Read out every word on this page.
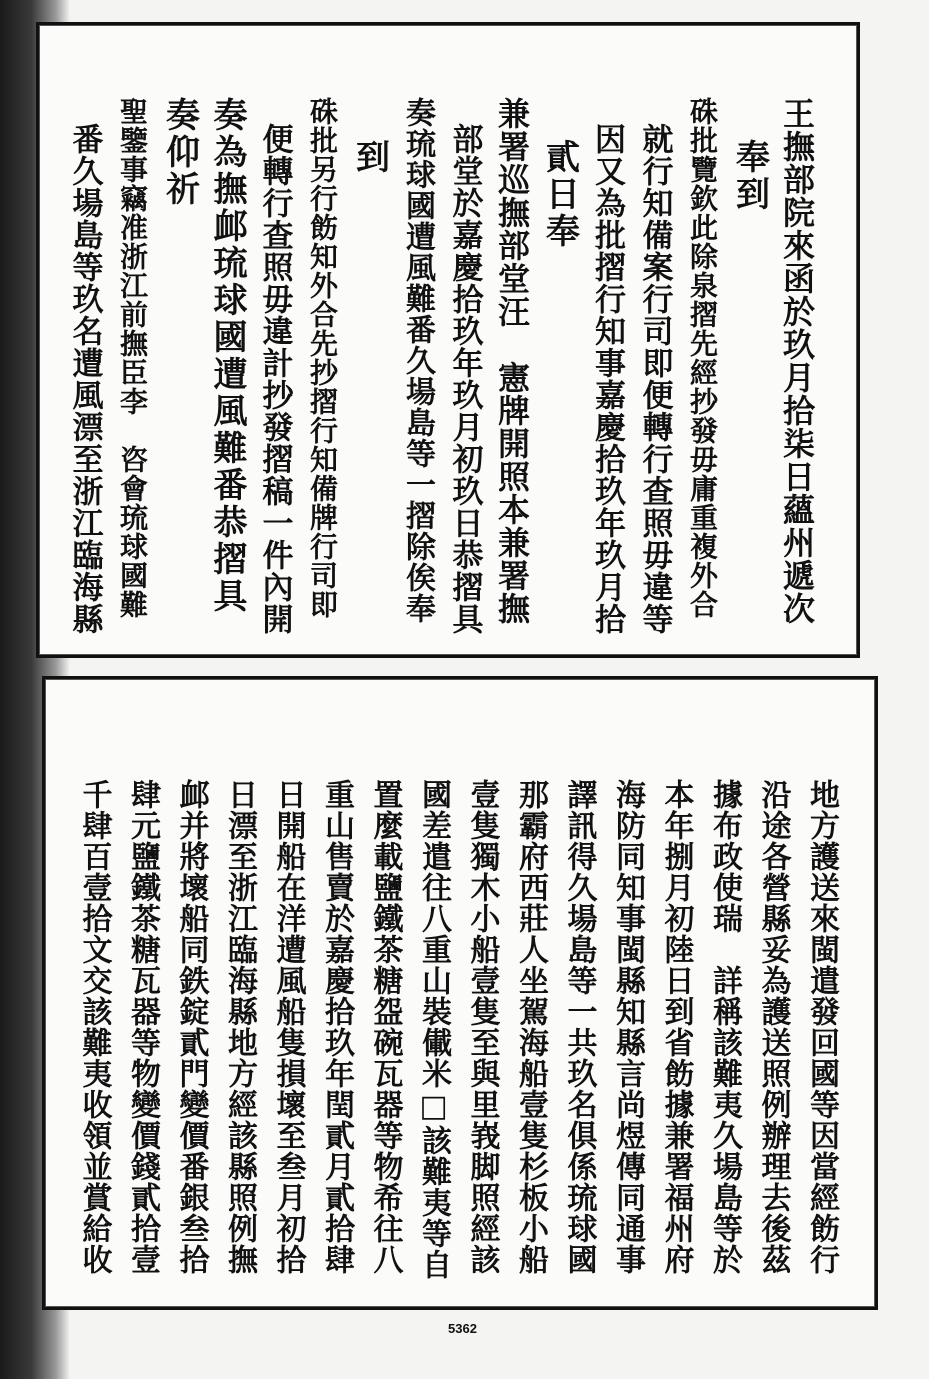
王撫部院來函於玖月拾柒日蘊州遞次
奉到
硃批覽欽此除泉摺先經抄發毋庸重複外合
就行知備案行司即便轉行查照毋違等
因又為批摺行知事嘉慶拾玖年玖月拾
貳日奉
兼署巡撫部堂汪　憲牌開照本兼署撫
部堂於嘉慶拾玖年玖月初玖日恭摺具
奏琉球國遭風難番久場島等一摺除俟奉
到
硃批另行飭知外合先抄摺行知備牌行司即
便轉行查照毋違計抄發摺稿一件內開
奏為撫䘏琉球國遭風難番恭摺具
奏仰祈
聖鑒事竊准浙江前撫臣李　咨會琉球國難
番久場島等玖名遭風漂至浙江臨海縣
地方護送來閩遣發回國等因當經飭行
沿途各營縣妥為護送照例辦理去後茲
據布政使瑞　詳稱該難夷久場島等於
本年捌月初陸日到省飭據兼署福州府
海防同知事閩縣知縣言尚煜傳同通事
譯訊得久場島等一共玖名俱係琉球國
那霸府西莊人坐駕海船壹隻杉板小船
壹隻獨木小船壹隻至與里峩脚照經該
國差遣往八重山裝儎米□該難夷等自
置麼載鹽鐵茶糖盌碗瓦器等物希往八
重山售賣於嘉慶拾玖年閏貳月貳拾肆
日開船在洋遭風船隻損壞至叁月初拾
日漂至浙江臨海縣地方經該縣照例撫
䘏并將壞船同鉄錠貳門變價番銀叁拾
肆元鹽鐵茶糖瓦器等物變價錢貳拾壹
千肆百壹拾文交該難夷收領並賞給收
5362
